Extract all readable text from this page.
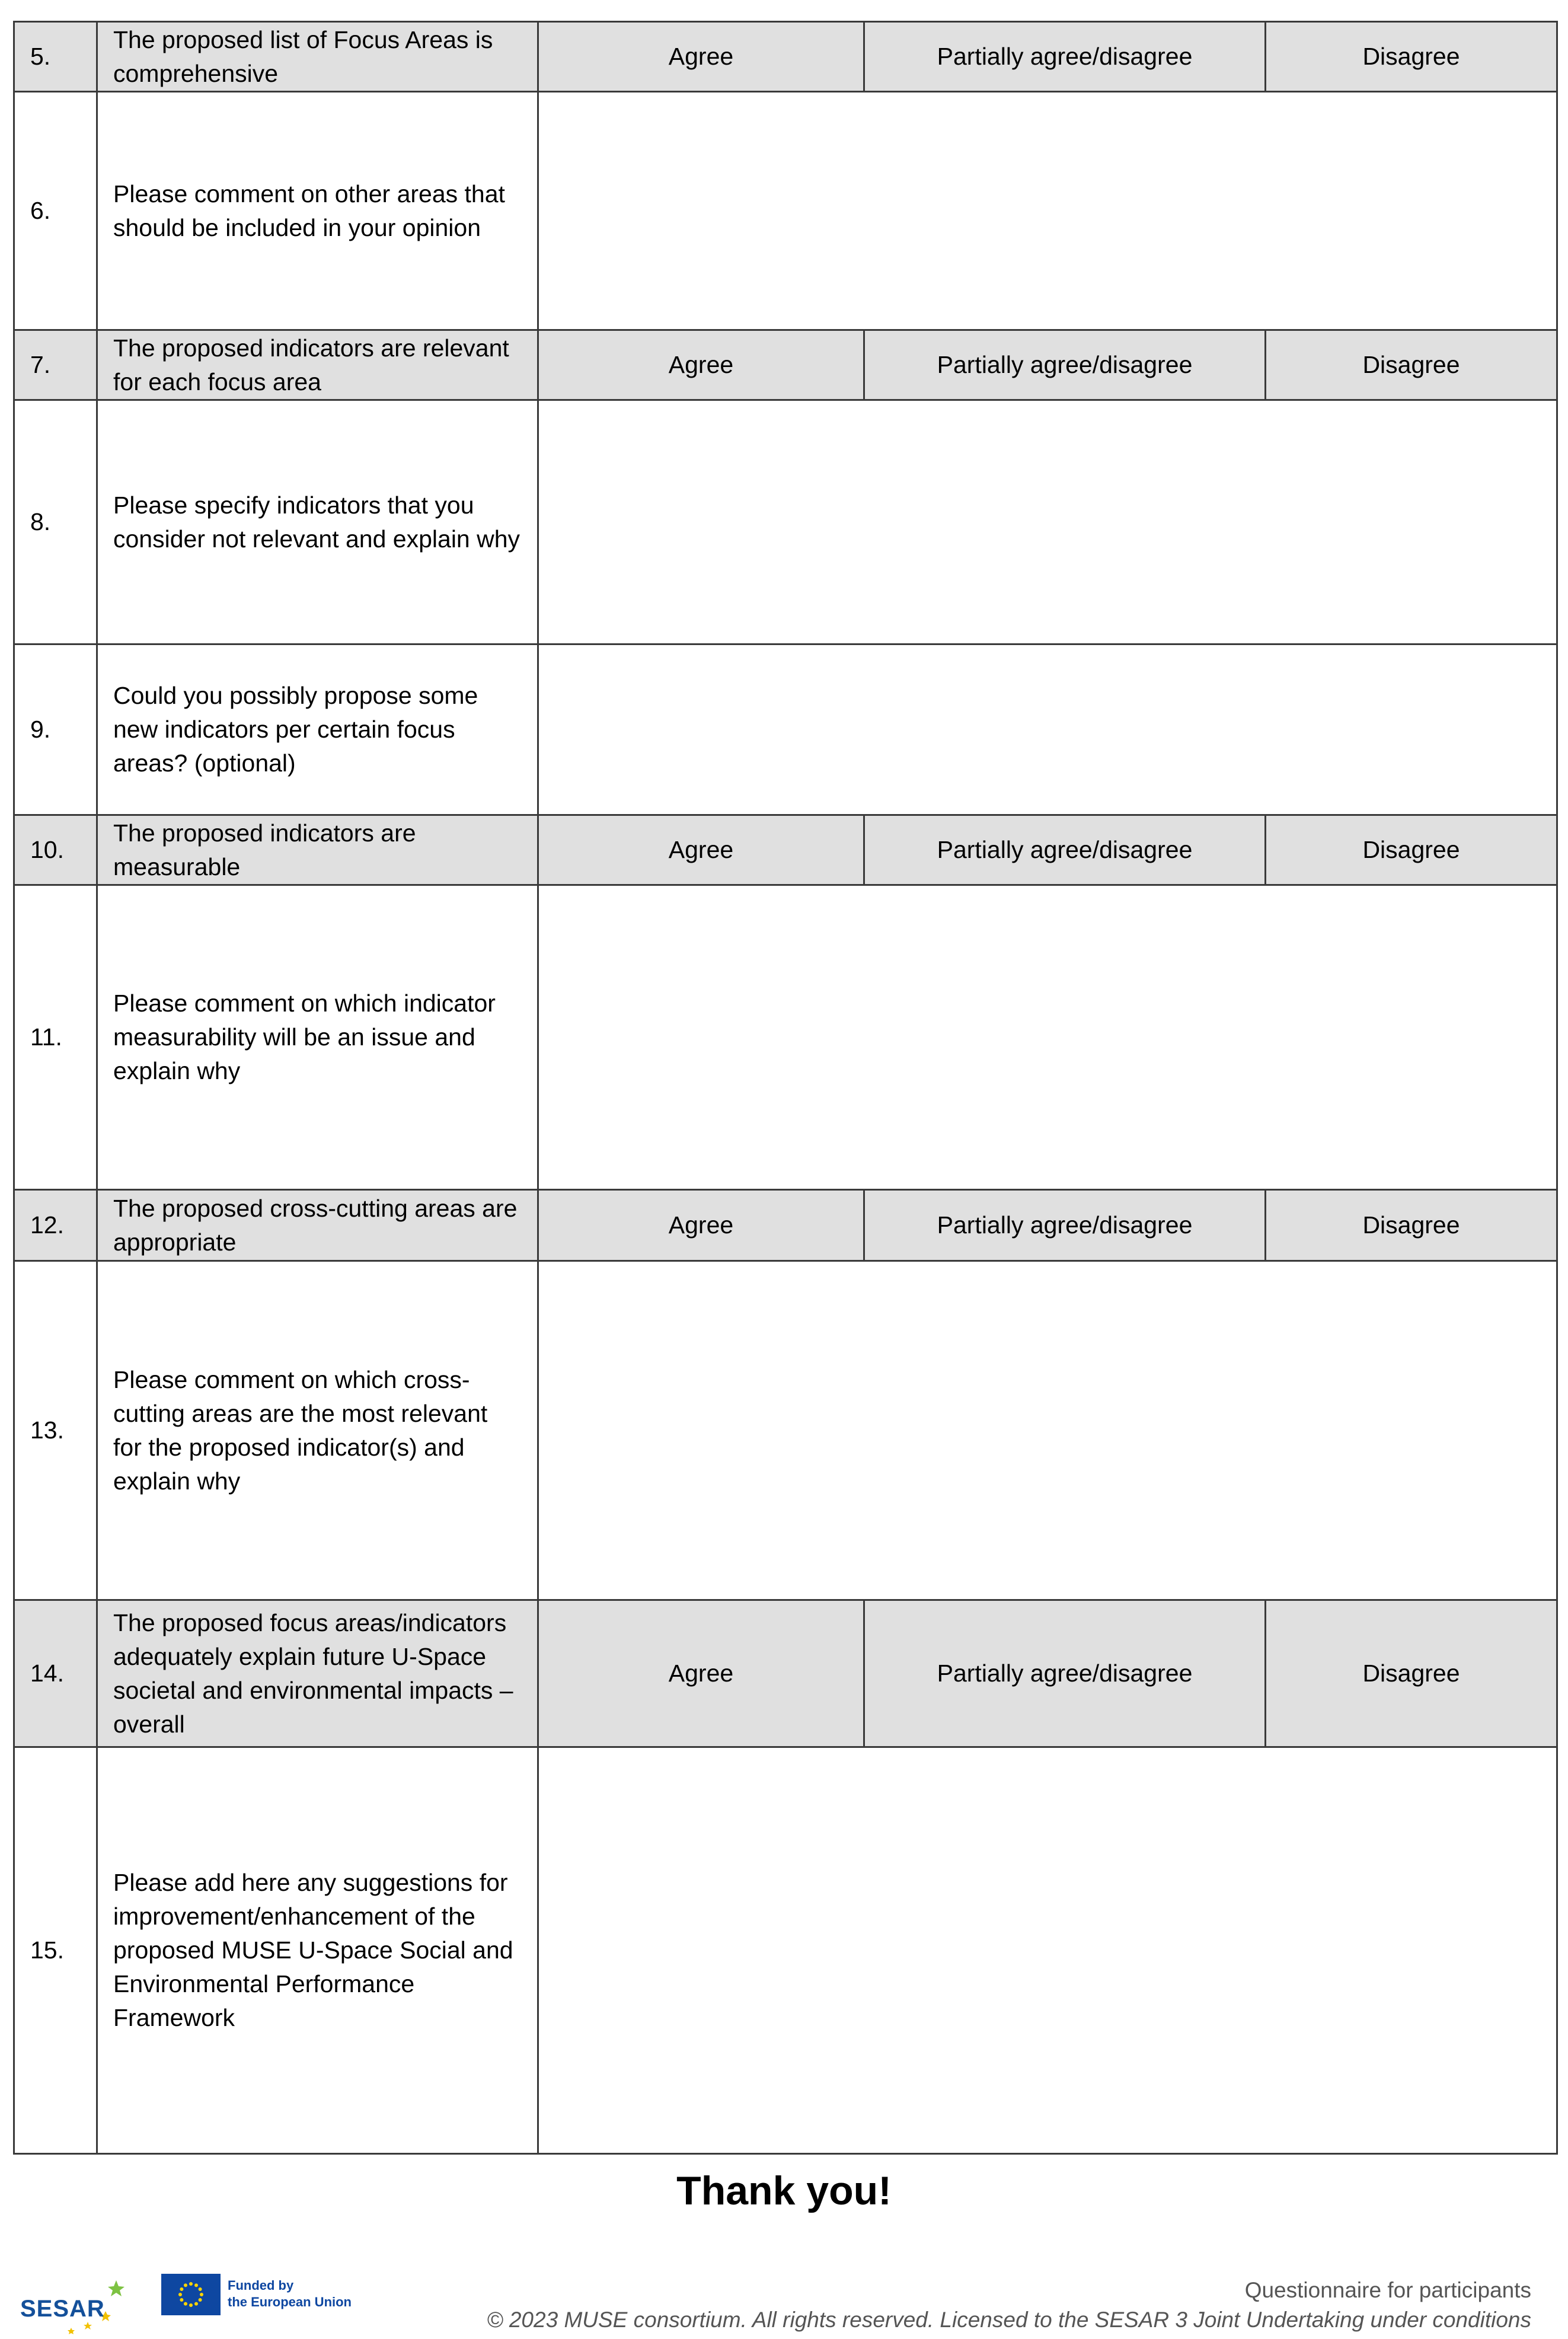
5.	The proposed list of Focus Areas is comprehensive	Agree	Partially agree/disagree	Disagree
6.	Please comment on other areas that should be included in your opinion			
7.	The proposed indicators are relevant for each focus area	Agree	Partially agree/disagree	Disagree
8.	Please specify indicators that you consider not relevant and explain why			
9.	Could you possibly propose some new indicators per certain focus areas? (optional)			
10.	The proposed indicators are measurable	Agree	Partially agree/disagree	Disagree
11.	Please comment on which indicator measurability will be an issue and explain why			
12.	The proposed cross-cutting areas are appropriate	Agree	Partially agree/disagree	Disagree
13.	Please comment on which cross-cutting areas are the most relevant for the proposed indicator(s) and explain why			
14.	The proposed focus areas/indicators adequately explain future U-Space societal and environmental impacts – overall	Agree	Partially agree/disagree	Disagree
15.	Please add here any suggestions for improvement/enhancement of the proposed MUSE U-Space Social and Environmental Performance Framework			
Thank you!
SESAR
Funded by
the European Union	Questionnaire for participants
© 2023 MUSE consortium. All rights reserved. Licensed to the SESAR 3 Joint Undertaking under conditions
